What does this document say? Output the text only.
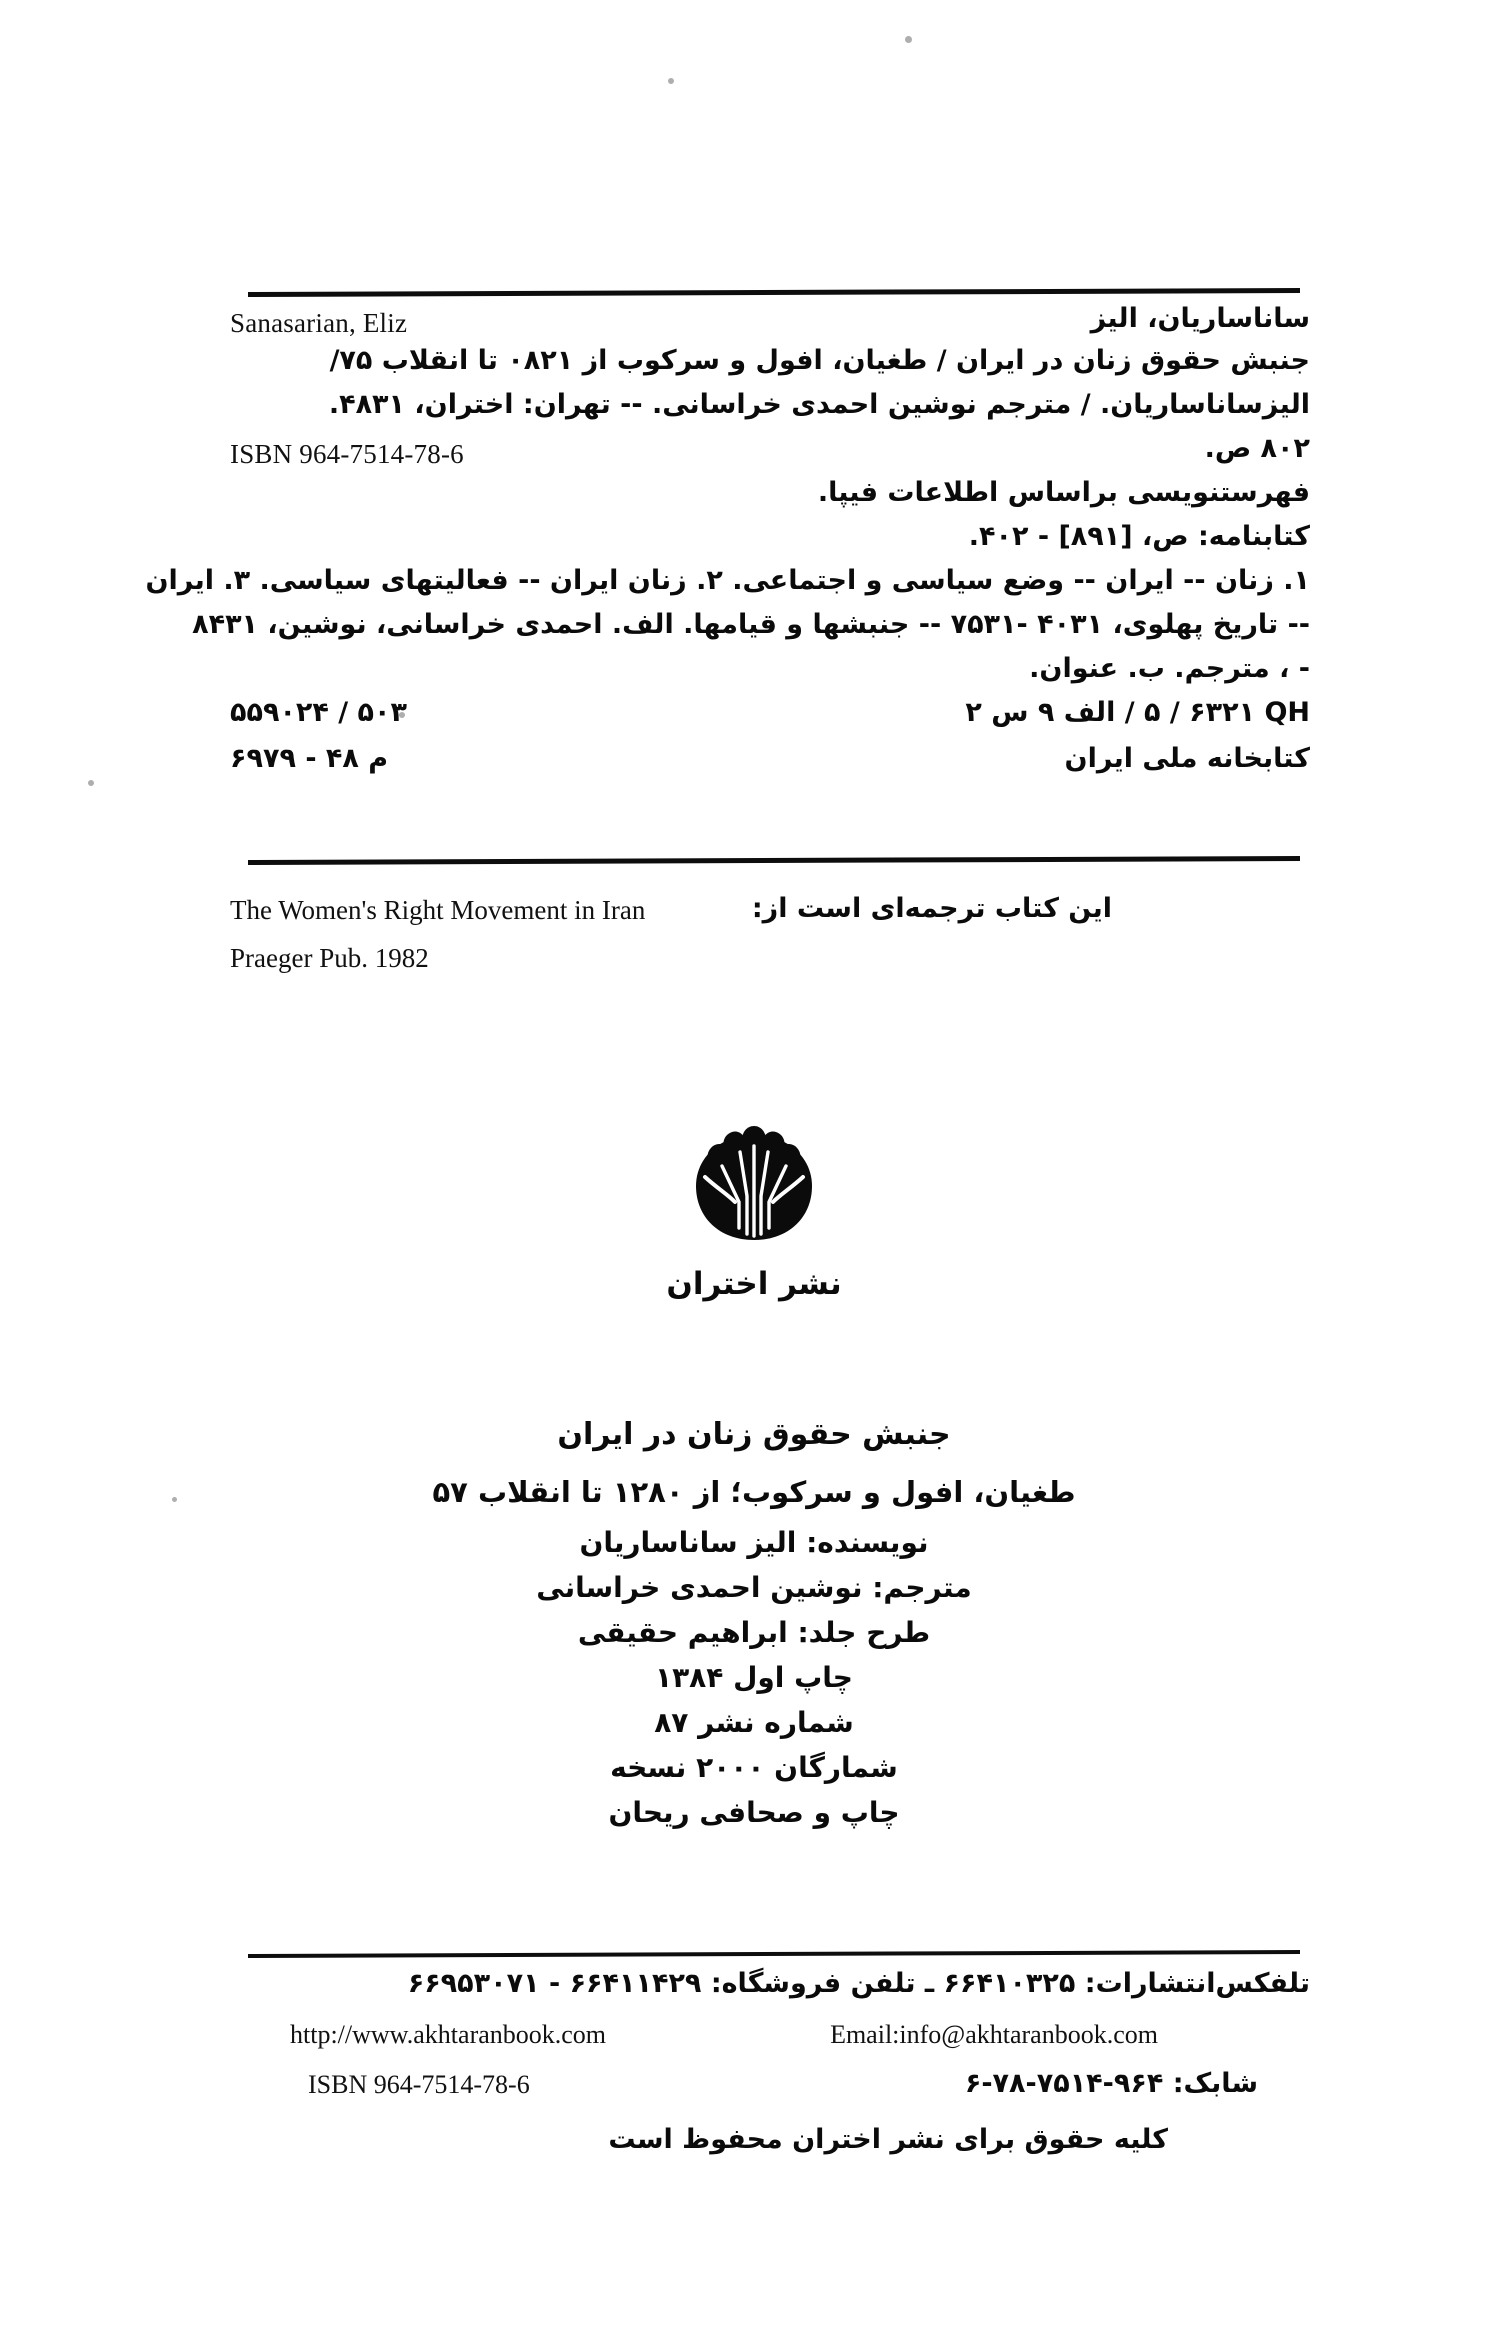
Sanasarian, Eliz	ساناساریان، الیز
جنبش حقوق زنان در ایران / طغیان، افول و سرکوب از ۱۲۸۰ تا انقلاب ۵۷/
الیزساناساریان. / مترجم نوشین احمدی خراسانی. -- تهران: اختران، ۱۳۸۴.
ISBN 964-7514-78-6	۲۰۸ ص.
فهرستنویسی براساس اطلاعات فیپا.
کتابنامه: ص، [۱۹۸] - ۲۰۴.
۱. زنان -- ایران -- وضع سیاسی و اجتماعی. ۲. زنان ایران -- فعالیتهای سیاسی. ۳. ایران
-- تاریخ پهلوی، ۱۳۰۴ -۱۳۵۷ -- جنبشها و قیامها. الف. احمدی خراسانی، نوشین، ۱۳۴۸
- ، مترجم. ب. عنوان.
۳۰۵ / ۴۲۰۹۵۵	HQ ۱۲۳۶ / ۵ / الف ۹ س ۲
م ۸۴ - ۹۷۹۶	کتابخانه ملی ایران
The Women's Right Movement in Iran	این کتاب ترجمه‌ای است از:
Praeger Pub. 1982
نشر اختران
جنبش حقوق زنان در ایران
طغیان، افول و سرکوب؛ از ۱۲۸۰ تا انقلاب ۵۷
نویسنده: الیز ساناساریان
مترجم: نوشین احمدی خراسانی
طرح جلد: ابراهیم حقیقی
چاپ اول ۱۳۸۴
شماره نشر ۸۷
شمارگان ۲۰۰۰ نسخه
چاپ و صحافی ریحان
تلفکس‌انتشارات: ۶۶۴۱۰۳۲۵ ـ تلفن فروشگاه: ۶۶۴۱۱۴۲۹ - ۶۶۹۵۳۰۷۱
http://www.akhtaranbook.com	Email:info@akhtaranbook.com
ISBN 964-7514-78-6	شابک: ۹۶۴-۷۵۱۴-۷۸-۶
کلیه حقوق برای نشر اختران محفوظ است
